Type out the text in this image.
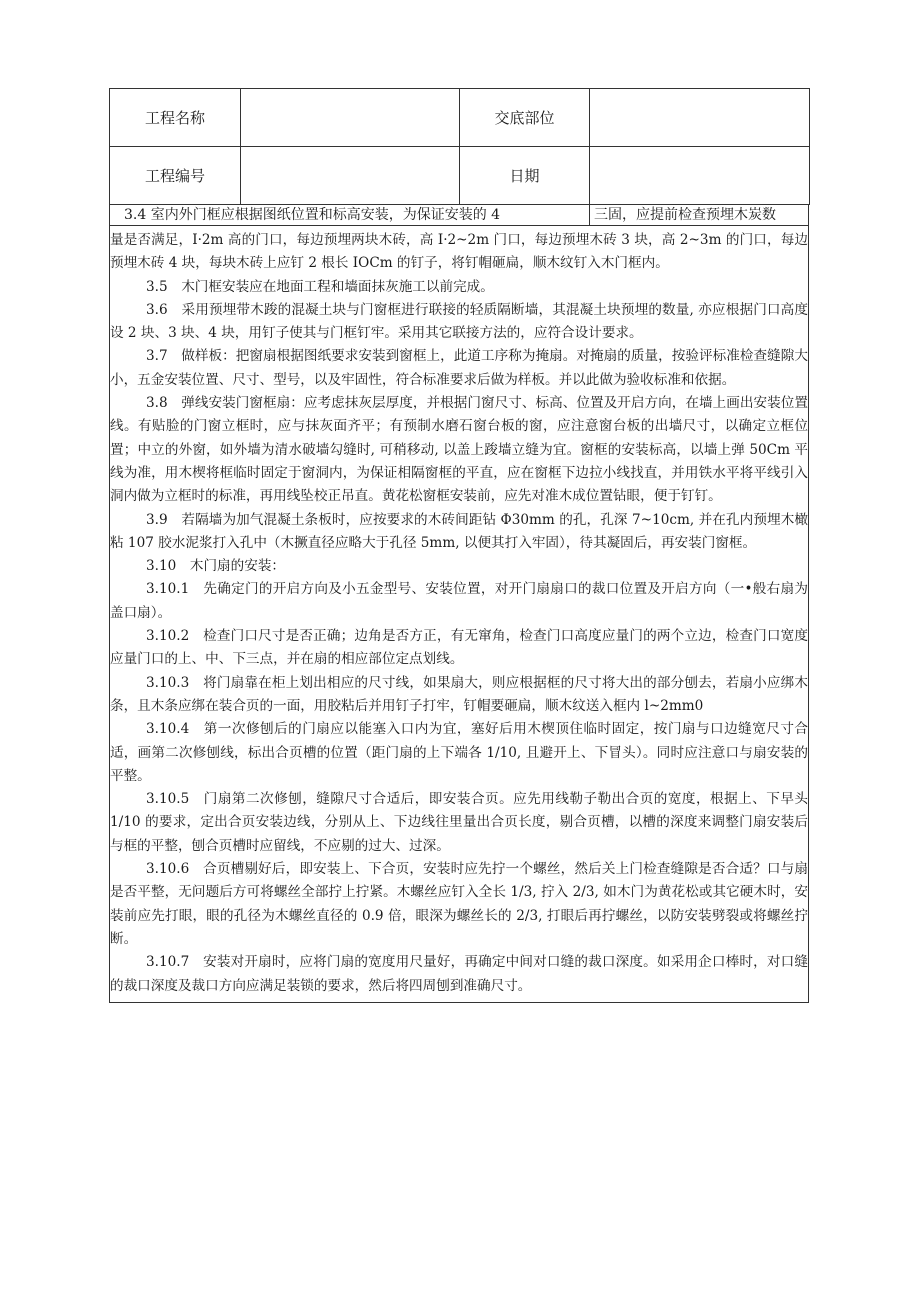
工程名称		交底部位	
工程编号		日期	
3.4 室内外门框应根据图纸位置和标高安装，为保证安装的 4	三固，应提前检查预埋木炭数

量是否满足，I·2m 高的门口，每边预埋两块木砖，高 I·2~2m 门口，每边预埋木砖 3 块，高 2~3m 的门口，每边预埋木砖 4 块，每块木砖上应钉 2 根长 IOCm 的钉子，将钉帽砸扁，顺木纹钉入木门框内。

3.5　木门框安装应在地面工程和墙面抹灰施工以前完成。

3.6　采用预埋带木踆的混凝土块与门窗框进行联接的轻质隔断墙，其混凝土块预埋的数量, 亦应根据门口高度设 2 块、3 块、4 块，用钉子使其与门框钉牢。采用其它联接方法的，应符合设计要求。

3.7　做样板：把窗扇根据图纸要求安装到窗框上，此道工序称为掩扇。对掩扇的质量，按验评标准检查缝隙大小，五金安装位置、尺寸、型号，以及牢固性，符合标准要求后做为样板。并以此做为验收标准和依据。

3.8　弹线安装门窗框扇：应考虑抹灰层厚度，并根据门窗尺寸、标高、位置及开启方向，在墙上画出安装位置线。有贴脸的门窗立框时，应与抹灰面齐平；有预制水磨石窗台板的窗，应注意窗台板的出墙尺寸，以确定立框位置；中立的外窗，如外墙为清水破墙勾缝时, 可稍移动, 以盖上踆墙立缝为宜。窗框的安装标高，以墙上弹 50Cm 平线为准，用木楔将框临时固定于窗洞内，为保证相隔窗框的平直，应在窗框下边拉小线找直，并用铁水平将平线引入洞内做为立框时的标准，再用线坠校正吊直。黄花松窗框安装前，应先对准木成位置钻眼，便于钉钉。

3.9　若隔墙为加气混凝土条板时，应按要求的木砖间距钻 Φ30mm 的孔，孔深 7~10cm, 并在孔内预埋木橄粘 107 胶水泥浆打入孔中（木撅直径应略大于孔径 5mm, 以便其打入牢固），待其凝固后，再安装门窗框。

3.10　木门扇的安装：

3.10.1　先确定门的开启方向及小五金型号、安装位置，对开门扇扇口的裁口位置及开启方向（一•般右扇为盖口扇）。

3.10.2　检查门口尺寸是否正确；边角是否方正，有无窜角，检查门口高度应量门的两个立边，检查门口宽度应量门口的上、中、下三点，并在扇的相应部位定点划线。

3.10.3　将门扇靠在柜上划出相应的尺寸线，如果扇大，则应根据框的尺寸将大出的部分刨去，若扇小应绑木条，且木条应绑在装合页的一面，用胶粘后并用钉子打牢，钉帽要砸扁，顺木纹送入框内 l~2mm0

3.10.4　第一次修刨后的门扇应以能塞入口内为宜，塞好后用木楔顶住临时固定，按门扇与口边缝宽尺寸合适，画第二次修刨线，标出合页槽的位置（距门扇的上下端各 1/10, 且避开上、下冒头）。同时应注意口与扇安装的平整。

3.10.5　门扇第二次修刨，缝隙尺寸合适后，即安装合页。应先用线勒子勒出合页的宽度，根据上、下早头 1/10 的要求，定出合页安装边线，分别从上、下边线往里量出合页长度，剔合页槽，以槽的深度来调整门扇安装后与框的平整，刨合页槽时应留线，不应剔的过大、过深。

3.10.6　合页槽剔好后，即安装上、下合页，安装时应先拧一个螺丝，然后关上门检查缝隙是否合适？口与扇是否平整，无问题后方可将螺丝全部拧上拧紧。木螺丝应钉入全长 1/3, 拧入 2/3, 如木门为黄花松或其它硬木时，安装前应先打眼，眼的孔径为木螺丝直径的 0.9 倍，眼深为螺丝长的 2/3, 打眼后再拧螺丝，以防安装劈裂或将螺丝拧断。

3.10.7　安装对开扇时，应将门扇的宽度用尺量好，再确定中间对口缝的裁口深度。如采用企口棒时，对口缝的裁口深度及裁口方向应满足装锁的要求，然后将四周刨到准确尺寸。
